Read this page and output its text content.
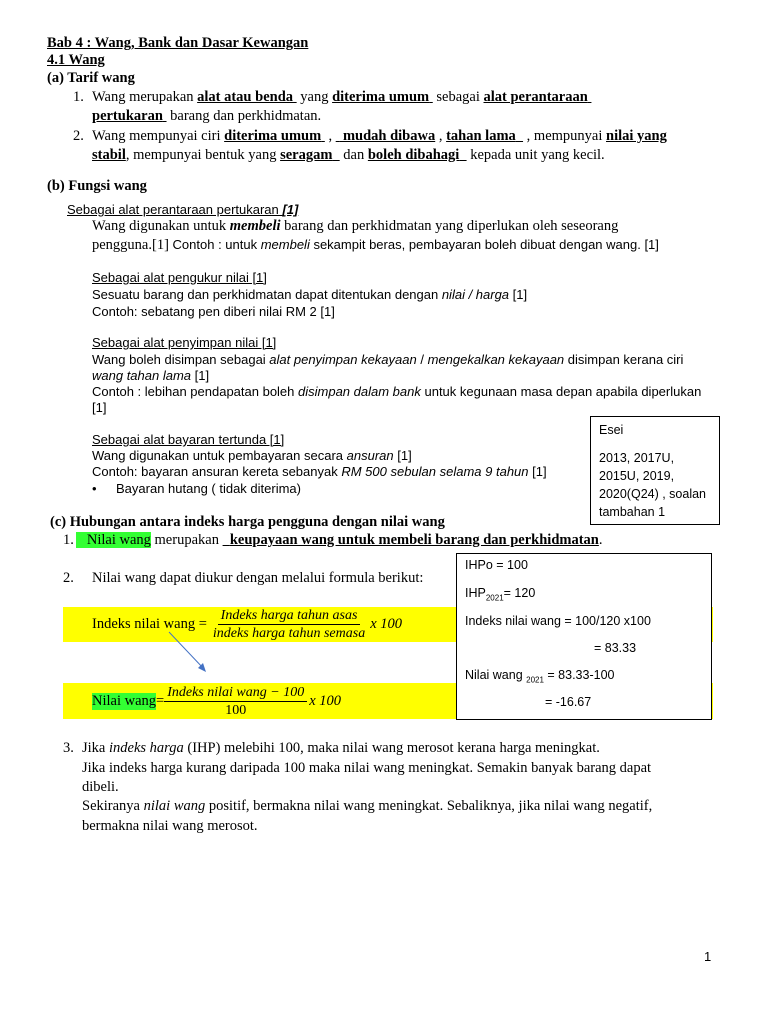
Bab 4 : Wang, Bank dan Dasar Kewangan
4.1 Wang
(a) Tarif wang
1. Wang merupakan alat atau benda  yang diterima umum  sebagai alat perantaraan
pertukaran  barang dan perkhidmatan.
2. Wang mempunyai ciri diterima umum  ,   mudah dibawa , tahan lama   , mempunyai nilai yang
stabil, mempunyai bentuk yang seragam   dan boleh dibahagi   kepada unit yang kecil.
(b) Fungsi wang
Sebagai alat perantaraan pertukaran [1]
Wang digunakan untuk membeli barang dan perkhidmatan yang diperlukan oleh seseorang
pengguna.[1] Contoh : untuk membeli sekampit beras, pembayaran boleh dibuat dengan wang. [1]
Sebagai alat pengukur nilai [1]
Sesuatu barang dan perkhidmatan dapat ditentukan dengan nilai / harga [1]
Contoh: sebatang pen diberi nilai RM 2 [1]
Sebagai alat penyimpan nilai [1]
Wang boleh disimpan sebagai alat penyimpan kekayaan / mengekalkan kekayaan disimpan kerana ciri
wang tahan lama [1]
Contoh : lebihan pendapatan boleh disimpan dalam bank untuk kegunaan masa depan apabila diperlukan
[1]
Sebagai alat bayaran tertunda [1]
Wang digunakan untuk pembayaran secara ansuran [1]
Contoh: bayaran ansuran kereta sebanyak RM 500 sebulan selama 9 tahun [1]
• Bayaran hutang ( tidak diterima)
Esei
2013, 2017U,
2015U, 2019,
2020(Q24) , soalan
tambahan 1
(c) Hubungan antara indeks harga pengguna dengan nilai wang
1. Nilai wang merupakan   keupayaan wang untuk membeli barang dan perkhidmatan.
2. Nilai wang dapat diukur dengan melalui formula berikut:
Indeks nilai wang = $\frac{\text{Indeks harga tahun asas}}{\text{indeks harga tahun semasa}}$ x 100
Nilai wang = $\frac{\text{Indeks nilai wang − 100}}{100}$ x 100
IHPo = 100
$IHP_{2021}= 120$
Indeks nilai wang = 100/120 x100
= 83.33
Nilai wang $_{2021}$ = 83.33-100
= -16.67
3. Jika indeks harga (IHP) melebihi 100, maka nilai wang merosot kerana harga meningkat.
Jika indeks harga kurang daripada 100 maka nilai wang meningkat. Semakin banyak barang dapat
dibeli.
Sekiranya nilai wang positif, bermakna nilai wang meningkat. Sebaliknya, jika nilai wang negatif,
bermakna nilai wang merosot.
1
